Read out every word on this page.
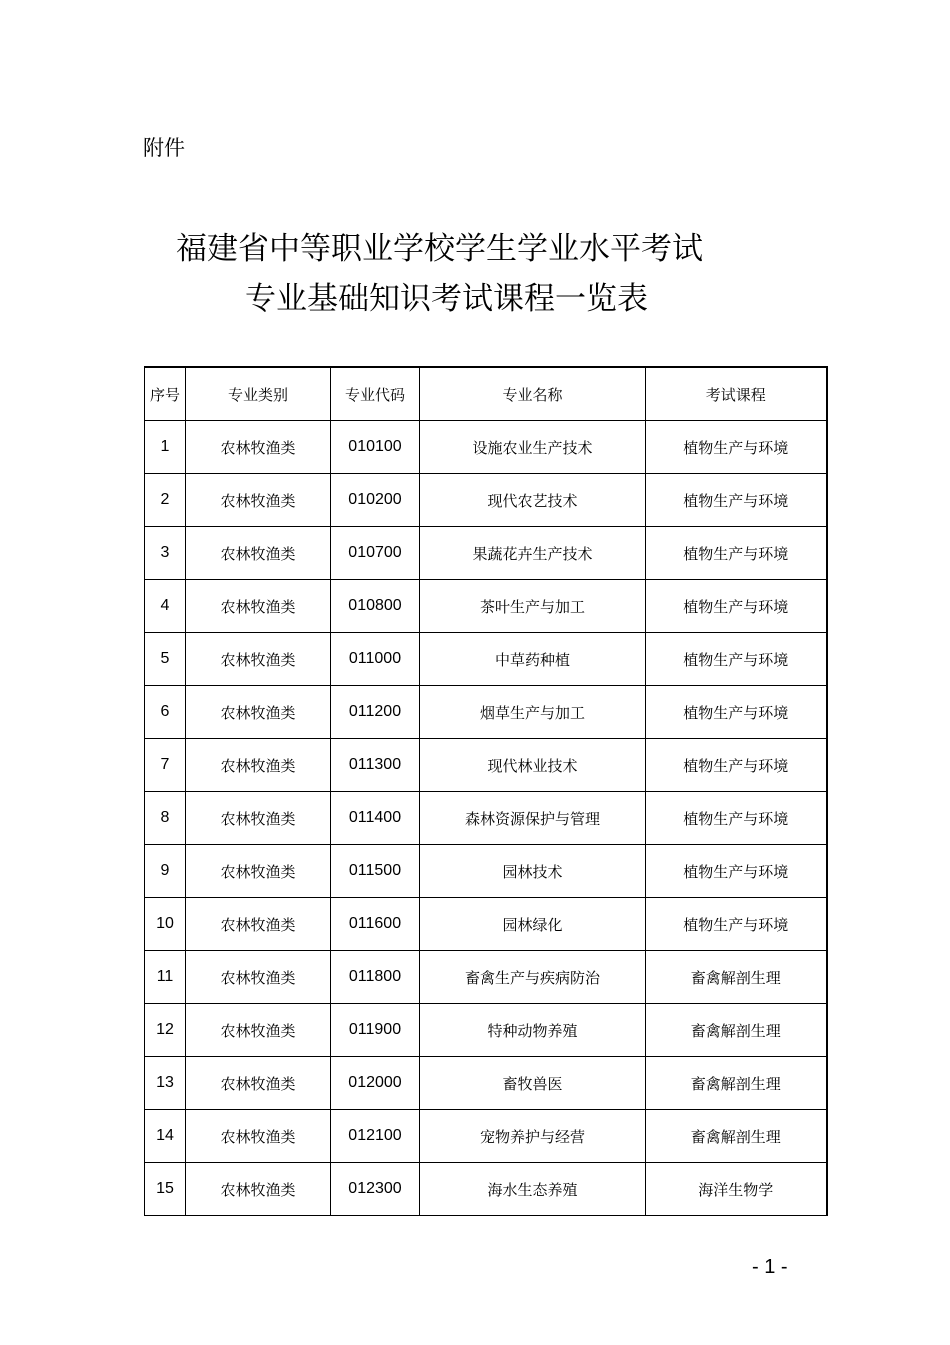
附件
福建省中等职业学校学生学业水平考试
专业基础知识考试课程一览表
序号	专业类别	专业代码	专业名称	考试课程
1	农林牧渔类	010100	设施农业生产技术	植物生产与环境
2	农林牧渔类	010200	现代农艺技术	植物生产与环境
3	农林牧渔类	010700	果蔬花卉生产技术	植物生产与环境
4	农林牧渔类	010800	茶叶生产与加工	植物生产与环境
5	农林牧渔类	011000	中草药种植	植物生产与环境
6	农林牧渔类	011200	烟草生产与加工	植物生产与环境
7	农林牧渔类	011300	现代林业技术	植物生产与环境
8	农林牧渔类	011400	森林资源保护与管理	植物生产与环境
9	农林牧渔类	011500	园林技术	植物生产与环境
10	农林牧渔类	011600	园林绿化	植物生产与环境
11	农林牧渔类	011800	畜禽生产与疾病防治	畜禽解剖生理
12	农林牧渔类	011900	特种动物养殖	畜禽解剖生理
13	农林牧渔类	012000	畜牧兽医	畜禽解剖生理
14	农林牧渔类	012100	宠物养护与经营	畜禽解剖生理
15	农林牧渔类	012300	海水生态养殖	海洋生物学
- 1 -
